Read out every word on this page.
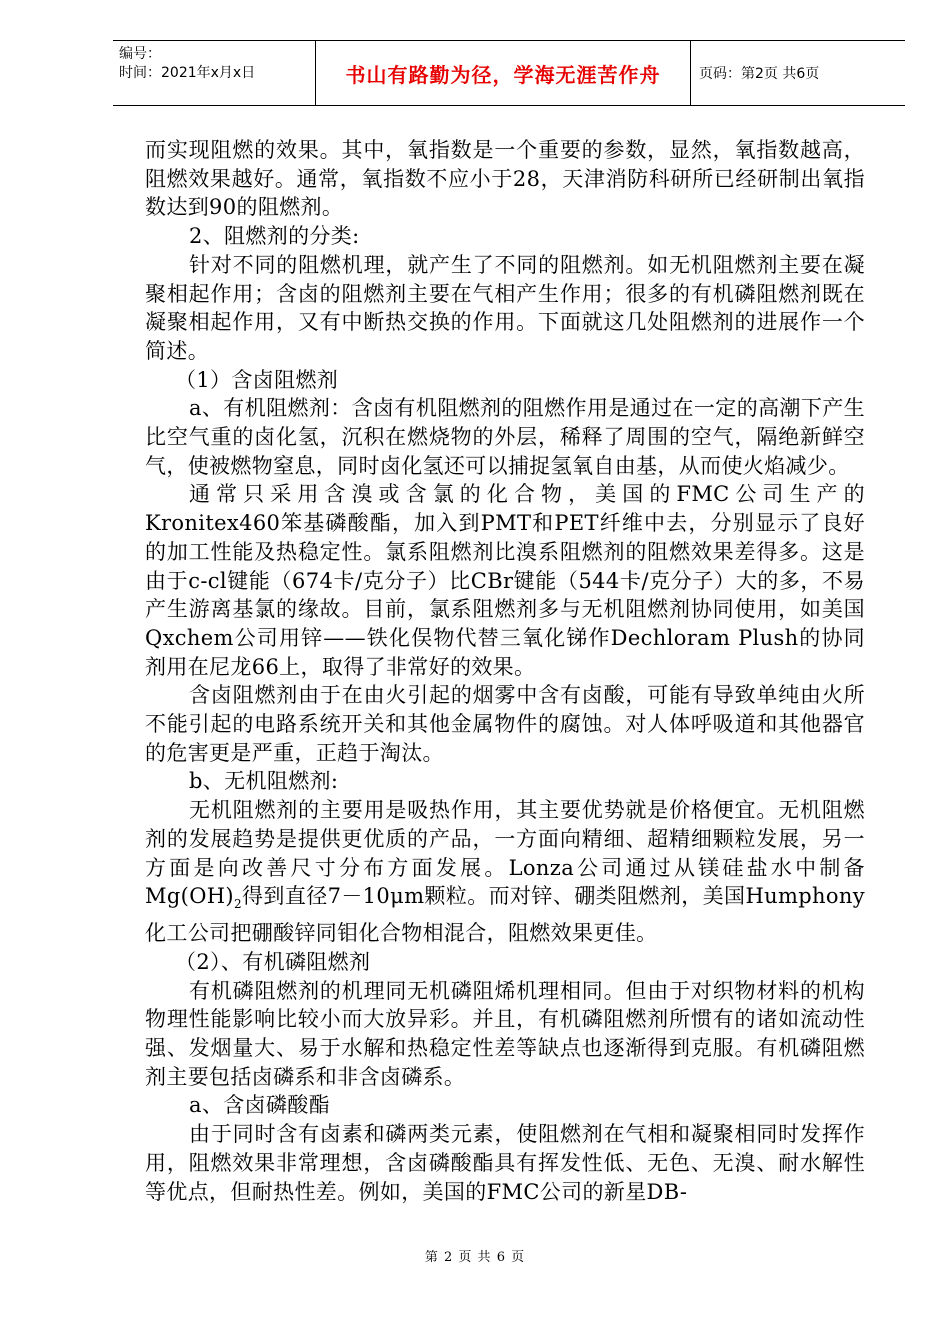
编号：
时间：2021年x月x日	书山有路勤为径，学海无涯苦作舟	页码：第2页 共6页

而实现阻燃的效果。其中，氧指数是一个重要的参数，显然，氧指数越高，阻燃效果越好。通常，氧指数不应小于28，天津消防科研所已经研制出氧指数达到90的阻燃剂。

2、阻燃剂的分类:

针对不同的阻燃机理，就产生了不同的阻燃剂。如无机阻燃剂主要在凝聚相起作用；含卤的阻燃剂主要在气相产生作用；很多的有机磷阻燃剂既在凝聚相起作用，又有中断热交换的作用。下面就这几处阻燃剂的进展作一个简述。

（1）含卤阻燃剂

a、有机阻燃剂：含卤有机阻燃剂的阻燃作用是通过在一定的高潮下产生比空气重的卤化氢，沉积在燃烧物的外层，稀释了周围的空气，隔绝新鲜空气，使被燃物窒息，同时卤化氢还可以捕捉氢氧自由基，从而使火焰减少。

通常只采用含溴或含氯的化合物，美国的FMC公司生产的Kronitex460笨基磷酸酯，加入到PMT和PET纤维中去，分别显示了良好的加工性能及热稳定性。氯系阻燃剂比溴系阻燃剂的阻燃效果差得多。这是由于c-cl键能（674卡/克分子）比CBr键能（544卡/克分子）大的多，不易产生游离基氯的缘故。目前，氯系阻燃剂多与无机阻燃剂协同使用，如美国Qxchem公司用锌——铁化俣物代替三氧化锑作Dechloram Plush的协同剂用在尼龙66上，取得了非常好的效果。

含卤阻燃剂由于在由火引起的烟雾中含有卤酸，可能有导致单纯由火所不能引起的电路系统开关和其他金属物件的腐蚀。对人体呼吸道和其他器官的危害更是严重，正趋于淘汰。

b、无机阻燃剂:

无机阻燃剂的主要用是吸热作用，其主要优势就是价格便宜。无机阻燃剂的发展趋势是提供更优质的产品，一方面向精细、超精细颗粒发展，另一方面是向改善尺寸分布方面发展。Lonza公司通过从镁硅盐水中制备$Mg(OH)_2$得到直径7－10μm颗粒。而对锌、硼类阻燃剂，美国Humphony化工公司把硼酸锌同钼化合物相混合，阻燃效果更佳。

（2）、有机磷阻燃剂

有机磷阻燃剂的机理同无机磷阻烯机理相同。但由于对织物材料的机构物理性能影响比较小而大放异彩。并且，有机磷阻燃剂所惯有的诸如流动性强、发烟量大、易于水解和热稳定性差等缺点也逐渐得到克服。有机磷阻燃剂主要包括卤磷系和非含卤磷系。

a、含卤磷酸酯

由于同时含有卤素和磷两类元素，使阻燃剂在气相和凝聚相同时发挥作用，阻燃效果非常理想，含卤磷酸酯具有挥发性低、无色、无溴、耐水解性等优点，但耐热性差。例如，美国的FMC公司的新星DB-

第 2 页 共 6 页
